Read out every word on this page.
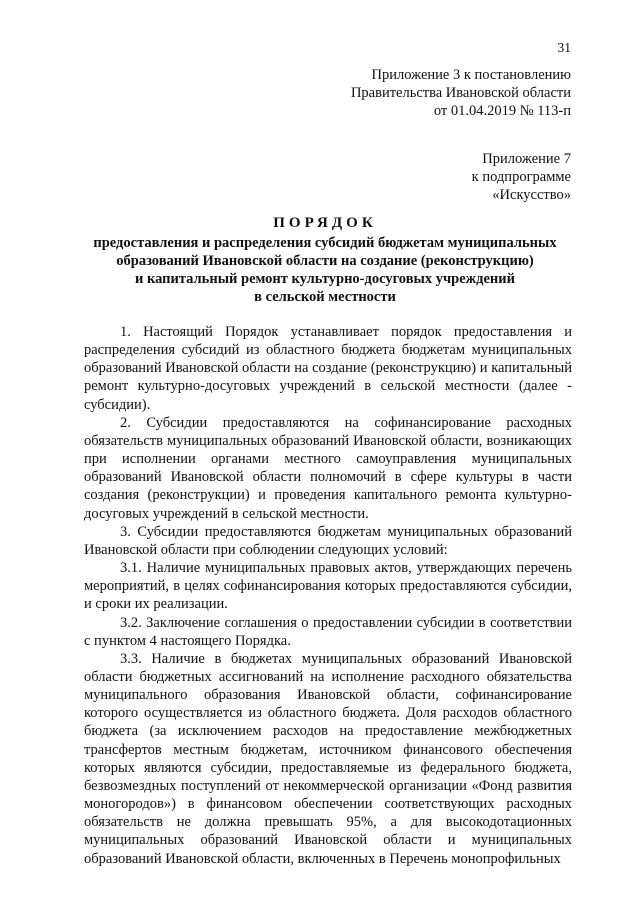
31
Приложение 3 к постановлению
Правительства Ивановской области
от 01.04.2019 № 113-п
Приложение 7
к подпрограмме
«Искусство»
ПОРЯДОК
предоставления и распределения субсидий бюджетам муниципальных
образований Ивановской области на создание (реконструкцию)
и капитальный ремонт культурно-досуговых учреждений
в сельской местности

1. Настоящий Порядок устанавливает порядок предоставления и распределения субсидий из областного бюджета бюджетам муниципальных образований Ивановской области на создание (реконструкцию) и капитальный ремонт культурно-досуговых учреждений в сельской местности (далее - субсидии).

2. Субсидии предоставляются на софинансирование расходных обязательств муниципальных образований Ивановской области, возникающих при исполнении органами местного самоуправления муниципальных образований Ивановской области полномочий в сфере культуры в части создания (реконструкции) и проведения капитального ремонта культурно-досуговых учреждений в сельской местности.

3. Субсидии предоставляются бюджетам муниципальных образований Ивановской области при соблюдении следующих условий:

3.1. Наличие муниципальных правовых актов, утверждающих перечень мероприятий, в целях софинансирования которых предоставляются субсидии, и сроки их реализации.

3.2. Заключение соглашения о предоставлении субсидии в соответствии с пунктом 4 настоящего Порядка.

3.3. Наличие в бюджетах муниципальных образований Ивановской области бюджетных ассигнований на исполнение расходного обязательства муниципального образования Ивановской области, софинансирование которого осуществляется из областного бюджета. Доля расходов областного бюджета (за исключением расходов на предоставление межбюджетных трансфертов местным бюджетам, источником финансового обеспечения которых являются субсидии, предоставляемые из федерального бюджета, безвозмездных поступлений от некоммерческой организации «Фонд развития моногородов») в финансовом обеспечении соответствующих расходных обязательств не должна превышать 95%, а для высокодотационных муниципальных образований Ивановской области и муниципальных образований Ивановской области, включенных в Перечень монопрофильных
